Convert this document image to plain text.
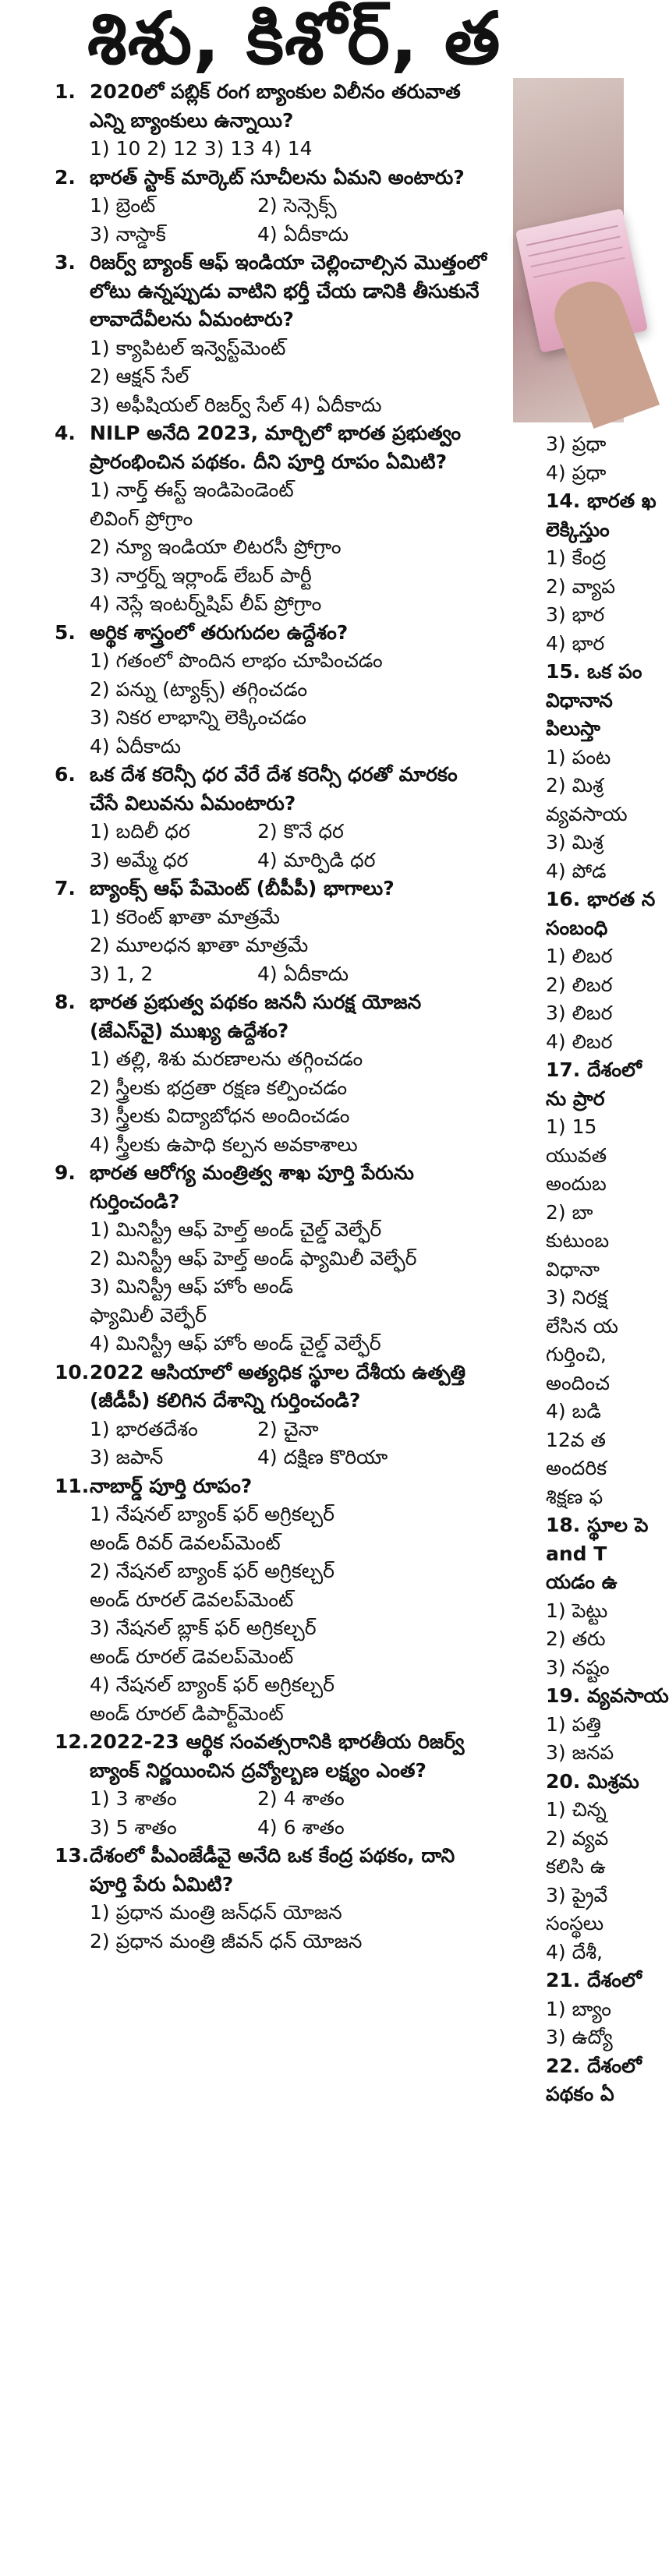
శిశు, కిశోర్, త
1. 2020లో పబ్లిక్ రంగ బ్యాంకుల విలీనం తరువాత ఎన్ని బ్యాంకులు ఉన్నాయి?
1) 10 2) 12 3) 13 4) 14
2. భారత్ స్టాక్ మార్కెట్ సూచీలను ఏమని అంటారు?
1) బ్రెంట్	2) సెన్సెక్స్
3) నాస్డాక్	4) ఏదీకాదు
3. రిజర్వ్ బ్యాంక్ ఆఫ్ ఇండియా చెల్లించాల్సిన మొత్తంలో లోటు ఉన్నప్పుడు వాటిని భర్తీ చేయ డానికి తీసుకునే లావాదేవీలను ఏమంటారు?
1) క్యాపిటల్ ఇన్వెస్ట్‌మెంట్
2) ఆక్షన్ సేల్
3) అఫీషియల్ రిజర్వ్ సేల్ 4) ఏదీకాదు
4. NILP అనేది 2023, మార్చిలో భారత ప్రభుత్వం ప్రారంభించిన పథకం. దీని పూర్తి రూపం ఏమిటి?
1) నార్త్ ఈస్ట్ ఇండిపెండెంట్
లివింగ్ ప్రోగ్రాం
2) న్యూ ఇండియా లిటరసీ ప్రోగ్రాం
3) నార్తర్న్ ఇర్లాండ్ లేబర్ పార్టీ
4) నెస్లే ఇంటర్న్‌షిప్ లీప్ ప్రోగ్రాం
5. అర్థిక శాస్త్రంలో తరుగుదల ఉద్దేశం?
1) గతంలో పొందిన లాభం చూపించడం
2) పన్ను (ట్యాక్స్) తగ్గించడం
3) నికర లాభాన్ని లెక్కించడం
4) ఏదీకాదు
6. ఒక దేశ కరెన్సీ ధర వేరే దేశ కరెన్సీ ధరతో మారకం చేసే విలువను ఏమంటారు?
1) బదిలీ ధర	2) కొనే ధర
3) అమ్మే ధర	4) మార్పిడి ధర
7. బ్యాంక్స్ ఆఫ్ పేమెంట్ (బీపీపీ) భాగాలు?
1) కరెంట్ ఖాతా మాత్రమే
2) మూలధన ఖాతా మాత్రమే
3) 1, 2	4) ఏదీకాదు
8. భారత ప్రభుత్వ పథకం జననీ సురక్ష యోజన (జేఎస్‌వై) ముఖ్య ఉద్దేశం?
1) తల్లి, శిశు మరణాలను తగ్గించడం
2) స్త్రీలకు భద్రతా రక్షణ కల్పించడం
3) స్త్రీలకు విద్యాబోధన అందించడం
4) స్త్రీలకు ఉపాధి కల్పన అవకాశాలు
9. భారత ఆరోగ్య మంత్రిత్వ శాఖ పూర్తి పేరును గుర్తించండి?
1) మినిస్ట్రీ ఆఫ్ హెల్త్ అండ్ చైల్డ్ వెల్ఫేర్
2) మినిస్ట్రీ ఆఫ్ హెల్త్ అండ్ ఫ్యామిలీ వెల్ఫేర్
3) మినిస్ట్రీ ఆఫ్ హోం అండ్
ఫ్యామిలీ వెల్ఫేర్
4) మినిస్ట్రీ ఆఫ్ హోం అండ్ చైల్డ్ వెల్ఫేర్
10. 2022 ఆసియాలో అత్యధిక స్థూల దేశీయ ఉత్పత్తి (జీడీపీ) కలిగిన దేశాన్ని గుర్తించండి?
1) భారతదేశం	2) చైనా
3) జపాన్	4) దక్షిణ కొరియా
11. నాబార్డ్ పూర్తి రూపం?
1) నేషనల్ బ్యాంక్ ఫర్ అగ్రికల్చర్
అండ్ రివర్ డెవలప్‌మెంట్
2) నేషనల్ బ్యాంక్ ఫర్ అగ్రికల్చర్
అండ్ రూరల్ డెవలప్‌మెంట్
3) నేషనల్ బ్లాక్ ఫర్ అగ్రికల్చర్
అండ్ రూరల్ డెవలప్‌మెంట్
4) నేషనల్ బ్యాంక్ ఫర్ అగ్రికల్చర్
అండ్ రూరల్ డిపార్ట్‌మెంట్
12. 2022-23 ఆర్థిక సంవత్సరానికి భారతీయ రిజర్వ్ బ్యాంక్ నిర్ణయించిన ద్రవ్యోల్బణ లక్ష్యం ఎంత?
1) 3 శాతం	2) 4 శాతం
3) 5 శాతం	4) 6 శాతం
13. దేశంలో పీఎంజేడీవై అనేది ఒక కేంద్ర పథకం, దాని పూర్తి పేరు ఏమిటి?
1) ప్రధాన మంత్రి జన్‌ధన్ యోజన
2) ప్రధాన మంత్రి జీవన్ ధన్ యోజన
3) ప్రధా
4) ప్రధా
14. భారత ఖ
లెక్కిస్తుం
1) కేంద్ర
2) వ్యాప
3) భార
4) భార
15. ఒక పం
విధానాన
పిలుస్తా
1) పంట
2) మిశ్ర
వ్యవసాయ
3) మిశ్ర
4) పోడ
16. భారత న
సంబంధి
1) లిబర
2) లిబర
3) లిబర
4) లిబర
17. దేశంలో
ను ప్రార
1) 15
యువత
అందుబ
2) బా
కుటుంబ
విధానా
3) నిరక్ష
లేసిన య
గుర్తించి,
అందించ
4) బడి
12వ త
అందరిక
శిక్షణ ఫ
18. స్థూల పె
and T
యడం ఉ
1) పెట్టు
2) తరు
3) నష్టం
19. వ్యవసాయ
1) పత్తి
3) జనప
20. మిశ్రమ
1) చిన్న
2) వ్యవ
కలిసి ఉ
3) ప్రైవే
సంస్థలు
4) దేశీ,
21. దేశంలో
1) బ్యాం
3) ఉద్యో
22. దేశంలో
పథకం ఏ
